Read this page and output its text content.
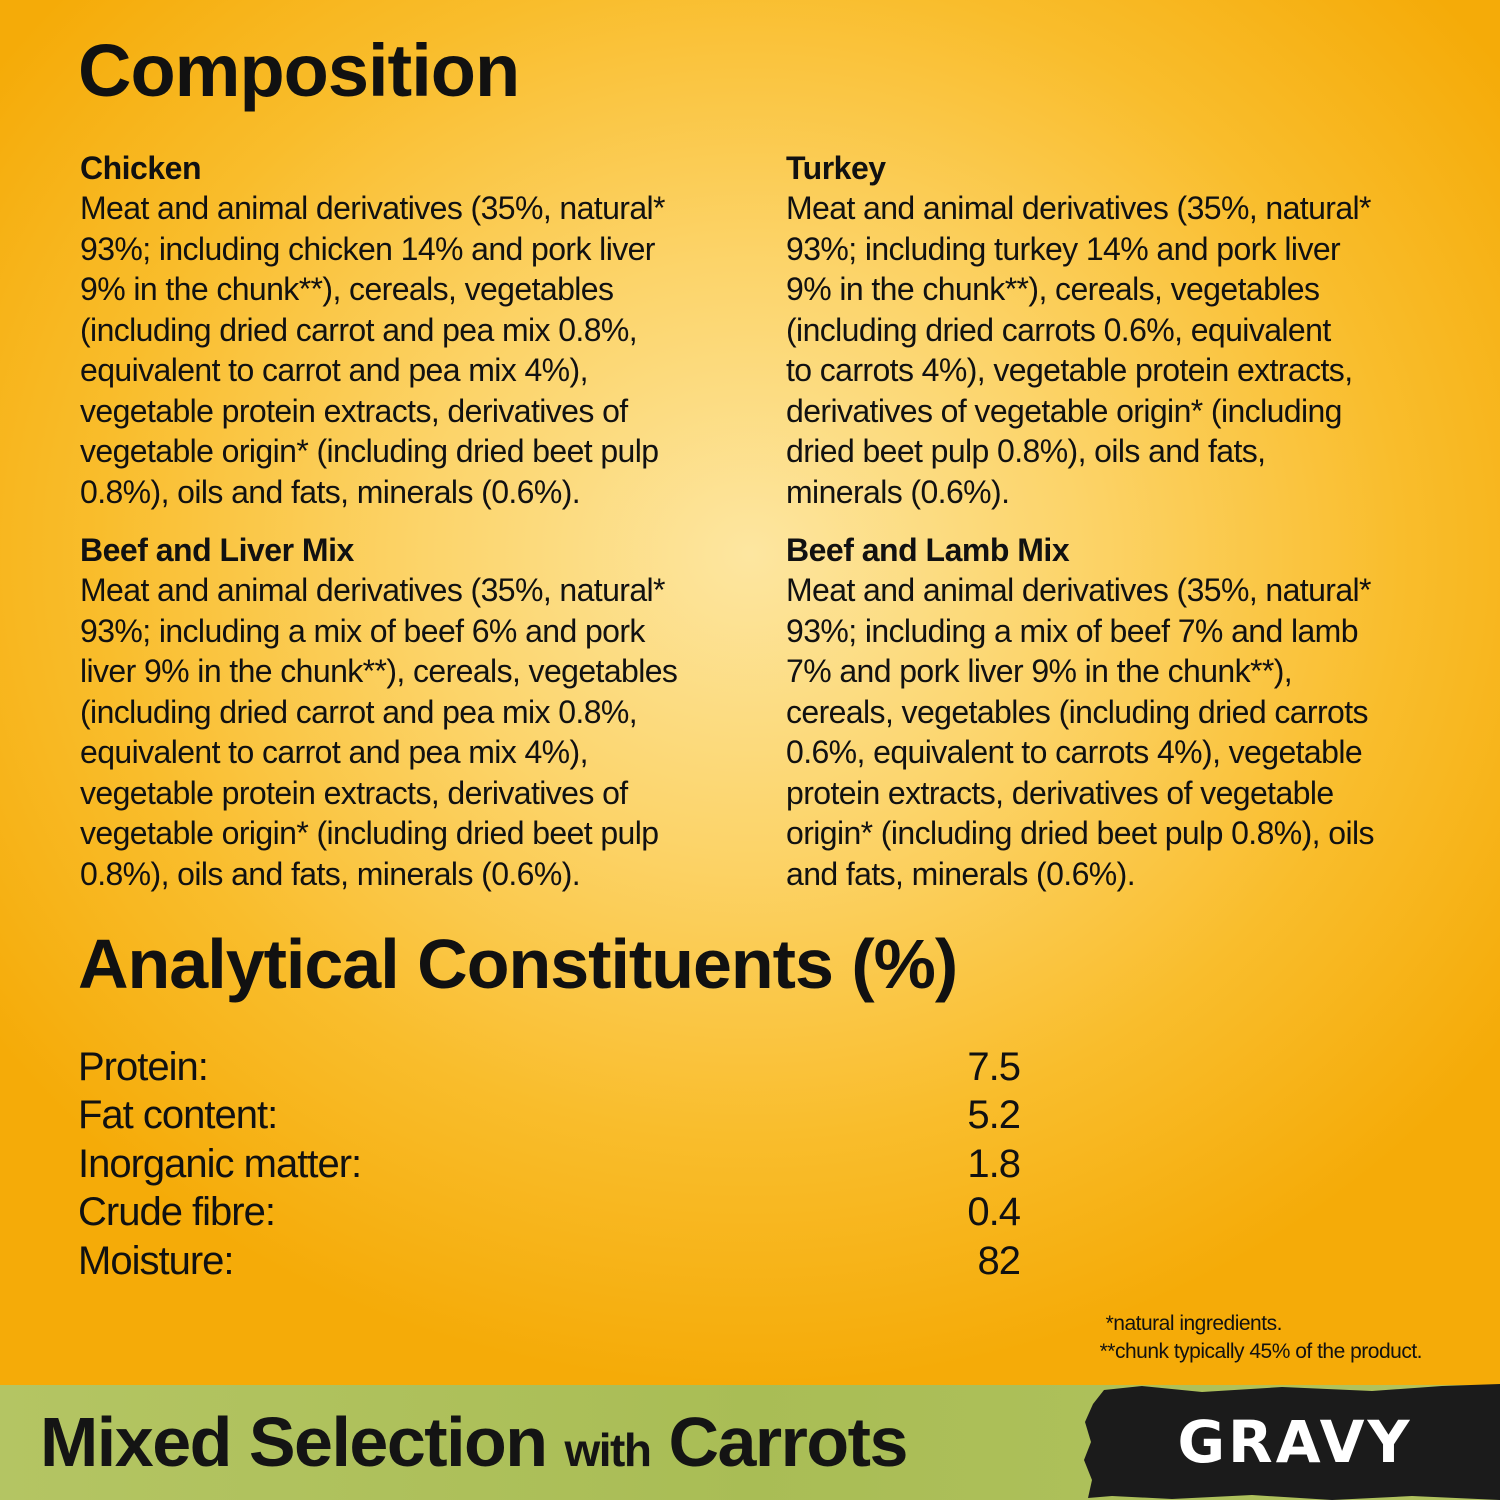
Composition
Chicken

Meat and animal derivatives (35%, natural*
93%; including chicken 14% and pork liver
9% in the chunk**), cereals, vegetables
(including dried carrot and pea mix 0.8%,
equivalent to carrot and pea mix 4%),
vegetable protein extracts, derivatives of
vegetable origin* (including dried beet pulp
0.8%), oils and fats, minerals (0.6%).

Turkey

Meat and animal derivatives (35%, natural*
93%; including turkey 14% and pork liver
9% in the chunk**), cereals, vegetables
(including dried carrots 0.6%, equivalent
to carrots 4%), vegetable protein extracts,
derivatives of vegetable origin* (including
dried beet pulp 0.8%), oils and fats,
minerals (0.6%).

Beef and Liver Mix

Meat and animal derivatives (35%, natural*
93%; including a mix of beef 6% and pork
liver 9% in the chunk**), cereals, vegetables
(including dried carrot and pea mix 0.8%,
equivalent to carrot and pea mix 4%),
vegetable protein extracts, derivatives of
vegetable origin* (including dried beet pulp
0.8%), oils and fats, minerals (0.6%).

Beef and Lamb Mix

Meat and animal derivatives (35%, natural*
93%; including a mix of beef 7% and lamb
7% and pork liver 9% in the chunk**),
cereals, vegetables (including dried carrots
0.6%, equivalent to carrots 4%), vegetable
protein extracts, derivatives of vegetable
origin* (including dried beet pulp 0.8%), oils
and fats, minerals (0.6%).

Analytical Constituents (%)
Protein:	7.5
Fat content:	5.2
Inorganic matter:	1.8
Crude fibre:	0.4
Moisture:	82
*natural ingredients.
**chunk typically 45% of the product.
Mixed Selection with Carrots	GRAVY
